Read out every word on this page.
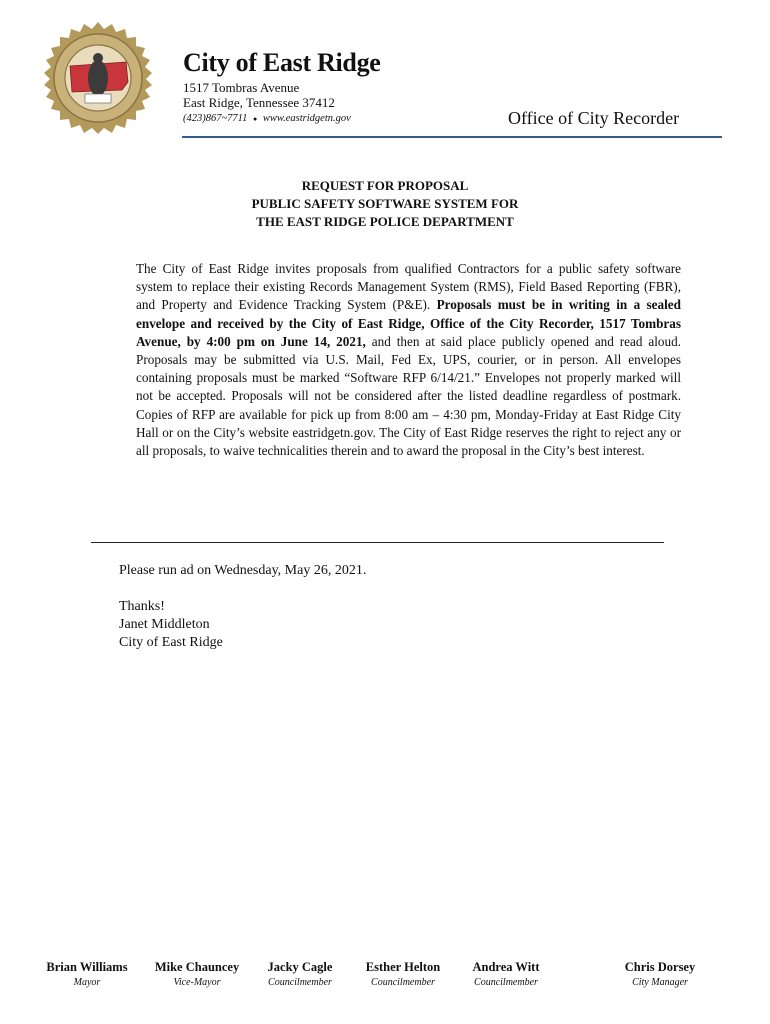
City of East Ridge
1517 Tombras Avenue
East Ridge, Tennessee 37412
(423)867~7711 ● www.eastridgetn.gov	Office of City Recorder
REQUEST FOR PROPOSAL
PUBLIC SAFETY SOFTWARE SYSTEM FOR
THE EAST RIDGE POLICE DEPARTMENT

The City of East Ridge invites proposals from qualified Contractors for a public safety software system to replace their existing Records Management System (RMS), Field Based Reporting (FBR), and Property and Evidence Tracking System (P&E). Proposals must be in writing in a sealed envelope and received by the City of East Ridge, Office of the City Recorder, 1517 Tombras Avenue, by 4:00 pm on June 14, 2021, and then at said place publicly opened and read aloud. Proposals may be submitted via U.S. Mail, Fed Ex, UPS, courier, or in person. All envelopes containing proposals must be marked “Software RFP 6/14/21.” Envelopes not properly marked will not be accepted. Proposals will not be considered after the listed deadline regardless of postmark. Copies of RFP are available for pick up from 8:00 am – 4:30 pm, Monday-Friday at East Ridge City Hall or on the City’s website eastridgetn.gov. The City of East Ridge reserves the right to reject any or all proposals, to waive technicalities therein and to award the proposal in the City’s best interest.

Please run ad on Wednesday, May 26, 2021.
Thanks!
Janet Middleton
City of East Ridge
Brian Williams
Mayor
Mike Chauncey
Vice-Mayor
Jacky Cagle
Councilmember
Esther Helton
Councilmember
Andrea Witt
Councilmember
Chris Dorsey
City Manager
